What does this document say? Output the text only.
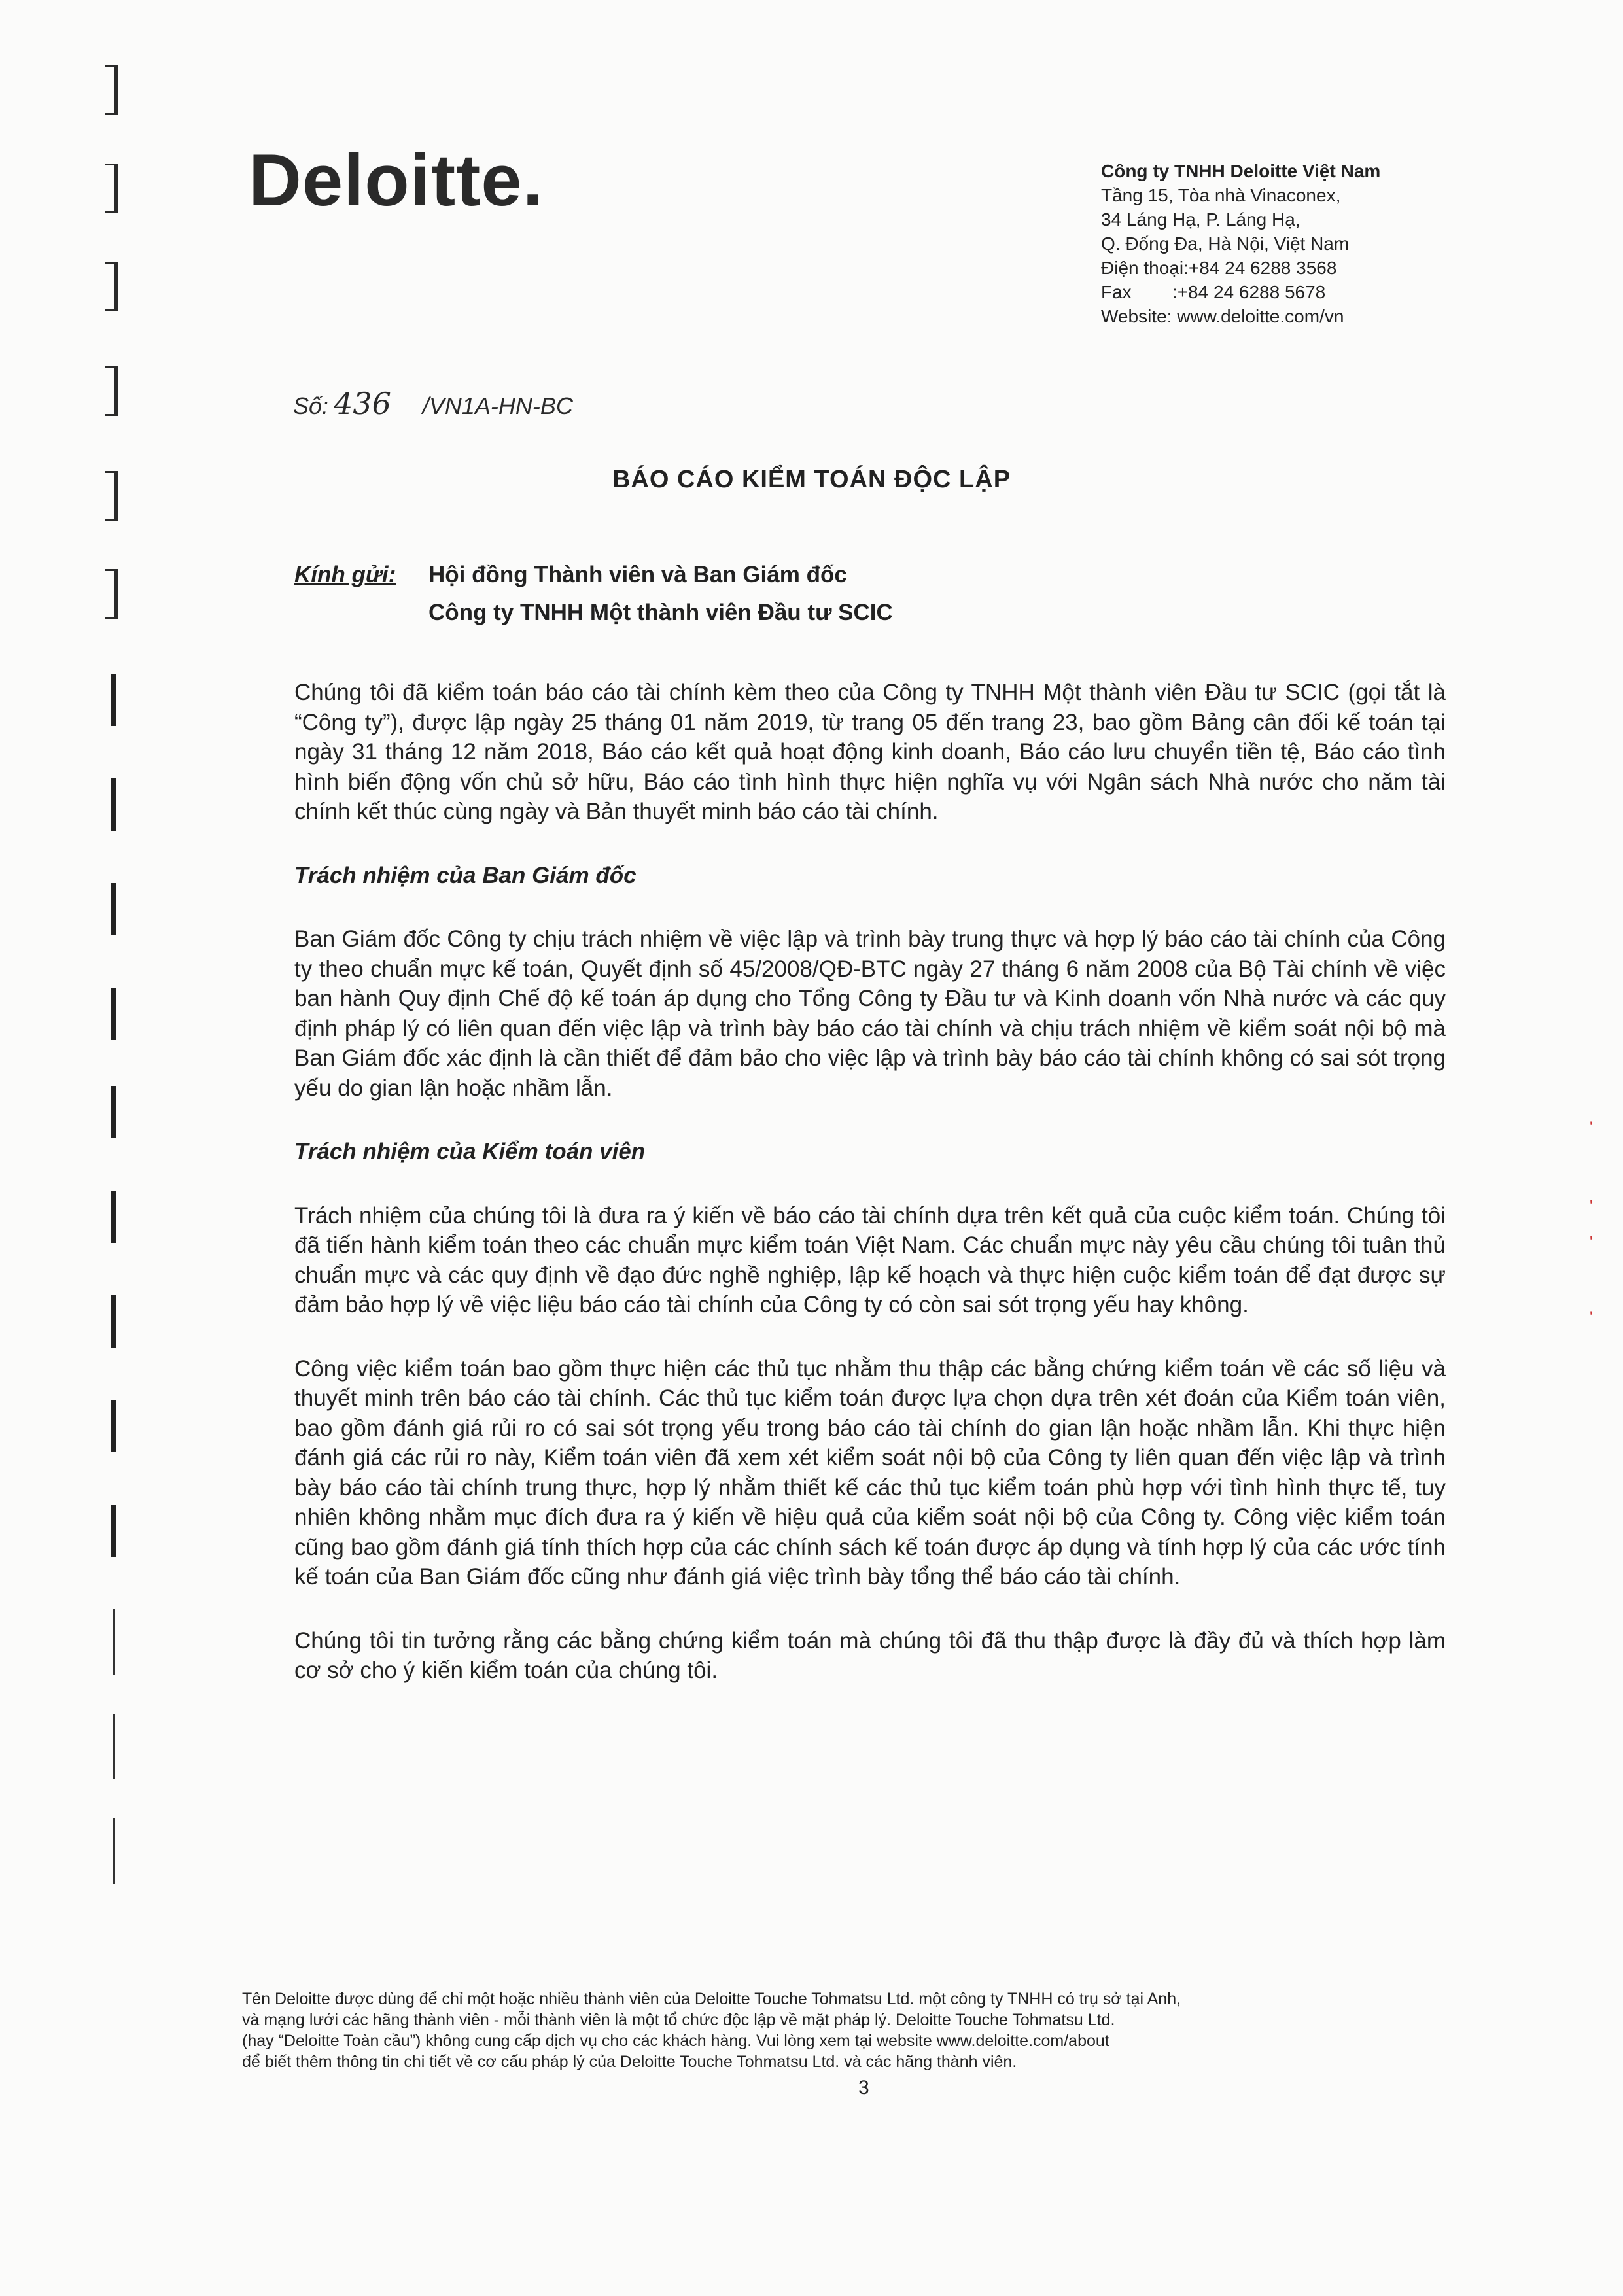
Deloitte.	Công ty TNHH Deloitte Việt Nam
Tầng 15, Tòa nhà Vinaconex,
34 Láng Hạ, P. Láng Hạ,
Q. Đống Đa, Hà Nội, Việt Nam
Điện thoại:+84 24 6288 3568
Fax        :+84 24 6288 5678
Website: www.deloitte.com/vn
Số: 436 /VN1A-HN-BC
BÁO CÁO KIỂM TOÁN ĐỘC LẬP
Kính gửi: Hội đồng Thành viên và Ban Giám đốc
Công ty TNHH Một thành viên Đầu tư SCIC

Chúng tôi đã kiểm toán báo cáo tài chính kèm theo của Công ty TNHH Một thành viên Đầu tư SCIC (gọi tắt là “Công ty”), được lập ngày 25 tháng 01 năm 2019, từ trang 05 đến trang 23, bao gồm Bảng cân đối kế toán tại ngày 31 tháng 12 năm 2018, Báo cáo kết quả hoạt động kinh doanh, Báo cáo lưu chuyển tiền tệ, Báo cáo tình hình biến động vốn chủ sở hữu, Báo cáo tình hình thực hiện nghĩa vụ với Ngân sách Nhà nước cho năm tài chính kết thúc cùng ngày và Bản thuyết minh báo cáo tài chính.

Trách nhiệm của Ban Giám đốc

Ban Giám đốc Công ty chịu trách nhiệm về việc lập và trình bày trung thực và hợp lý báo cáo tài chính của Công ty theo chuẩn mực kế toán, Quyết định số 45/2008/QĐ-BTC ngày 27 tháng 6 năm 2008 của Bộ Tài chính về việc ban hành Quy định Chế độ kế toán áp dụng cho Tổng Công ty Đầu tư và Kinh doanh vốn Nhà nước và các quy định pháp lý có liên quan đến việc lập và trình bày báo cáo tài chính và chịu trách nhiệm về kiểm soát nội bộ mà Ban Giám đốc xác định là cần thiết để đảm bảo cho việc lập và trình bày báo cáo tài chính không có sai sót trọng yếu do gian lận hoặc nhầm lẫn.

Trách nhiệm của Kiểm toán viên

Trách nhiệm của chúng tôi là đưa ra ý kiến về báo cáo tài chính dựa trên kết quả của cuộc kiểm toán. Chúng tôi đã tiến hành kiểm toán theo các chuẩn mực kiểm toán Việt Nam. Các chuẩn mực này yêu cầu chúng tôi tuân thủ chuẩn mực và các quy định về đạo đức nghề nghiệp, lập kế hoạch và thực hiện cuộc kiểm toán để đạt được sự đảm bảo hợp lý về việc liệu báo cáo tài chính của Công ty có còn sai sót trọng yếu hay không.

Công việc kiểm toán bao gồm thực hiện các thủ tục nhằm thu thập các bằng chứng kiểm toán về các số liệu và thuyết minh trên báo cáo tài chính. Các thủ tục kiểm toán được lựa chọn dựa trên xét đoán của Kiểm toán viên, bao gồm đánh giá rủi ro có sai sót trọng yếu trong báo cáo tài chính do gian lận hoặc nhầm lẫn. Khi thực hiện đánh giá các rủi ro này, Kiểm toán viên đã xem xét kiểm soát nội bộ của Công ty liên quan đến việc lập và trình bày báo cáo tài chính trung thực, hợp lý nhằm thiết kế các thủ tục kiểm toán phù hợp với tình hình thực tế, tuy nhiên không nhằm mục đích đưa ra ý kiến về hiệu quả của kiểm soát nội bộ của Công ty. Công việc kiểm toán cũng bao gồm đánh giá tính thích hợp của các chính sách kế toán được áp dụng và tính hợp lý của các ước tính kế toán của Ban Giám đốc cũng như đánh giá việc trình bày tổng thể báo cáo tài chính.

Chúng tôi tin tưởng rằng các bằng chứng kiểm toán mà chúng tôi đã thu thập được là đầy đủ và thích hợp làm cơ sở cho ý kiến kiểm toán của chúng tôi.

'
'
'
'
Tên Deloitte được dùng để chỉ một hoặc nhiều thành viên của Deloitte Touche Tohmatsu Ltd. một công ty TNHH có trụ sở tại Anh,
và mạng lưới các hãng thành viên - mỗi thành viên là một tổ chức độc lập về mặt pháp lý. Deloitte Touche Tohmatsu Ltd.
(hay “Deloitte Toàn cầu”) không cung cấp dịch vụ cho các khách hàng. Vui lòng xem tại website www.deloitte.com/about
để biết thêm thông tin chi tiết về cơ cấu pháp lý của Deloitte Touche Tohmatsu Ltd. và các hãng thành viên.
3
